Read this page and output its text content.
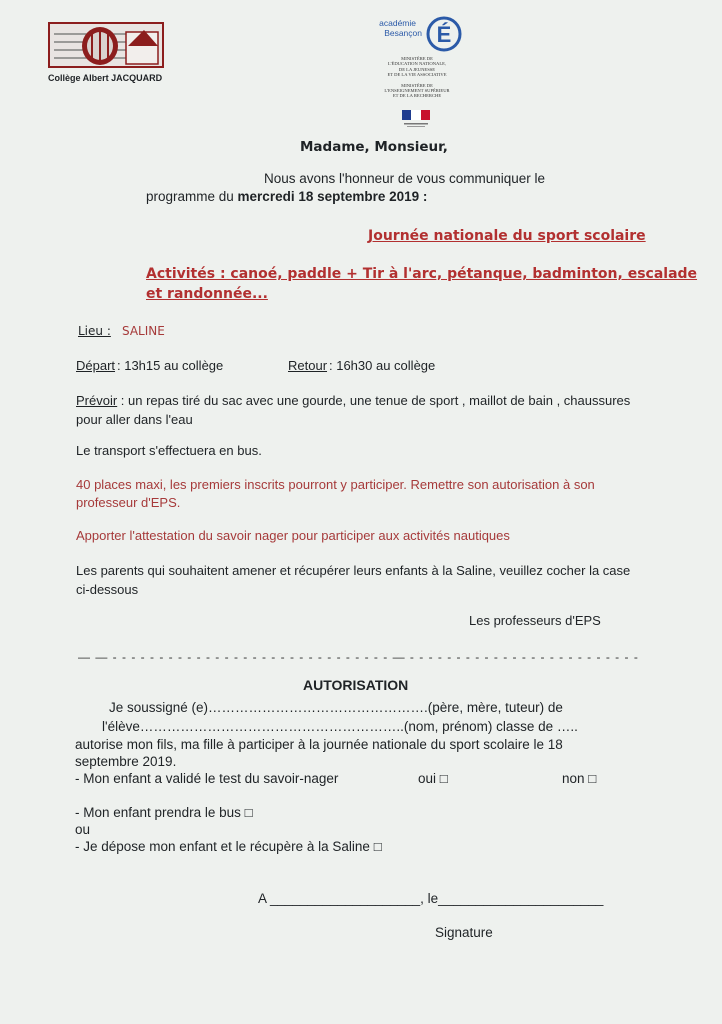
Collège Albert JACQUARD
académie
Besançon É
MINISTÈRE DE
L'ÉDUCATION NATIONALE,
DE LA JEUNESSE
ET DE LA VIE ASSOCIATIVE
MINISTÈRE DE
L'ENSEIGNEMENT SUPÉRIEUR
ET DE LA RECHERCHE
Madame, Monsieur,
Nous avons l'honneur de vous communiquer le
programme du mercredi 18 septembre 2019 :
Journée nationale du sport scolaire
Activités : canoé, paddle + Tir à l'arc, pétanque, badminton, escalade
et randonnée...
Lieu : SALINE
Départ : 13h15 au collège	Retour : 16h30 au collège
Prévoir : un repas tiré du sac avec une gourde, une tenue de sport , maillot de bain , chaussures pour aller dans l'eau
Le transport s'effectuera en bus.
40 places maxi, les premiers inscrits pourront y participer. Remettre son autorisation à son professeur d'EPS.
Apporter l'attestation du savoir nager pour participer aux activités nautiques
Les parents qui souhaitent amener et récupérer leurs enfants à la Saline, veuillez cocher la case ci-dessous
Les professeurs d'EPS
— — - - - - - - - - - - - - - - - - - - - - - - - - - - - - - - — - - - - - - - - - - - - - - - - - - - - - - - - -
AUTORISATION
Je soussigné (e)………………………………………….(père, mère, tuteur) de
l'élève…………………………………………………..(nom, prénom) classe de …..
autorise mon fils, ma fille à participer à la journée nationale du sport scolaire le 18
septembre 2019.
- Mon enfant a validé le test du savoir-nager	oui □	non □
- Mon enfant prendra le bus □
ou
- Je dépose mon enfant et le récupère à la Saline □
A ____________________, le______________________
Signature
